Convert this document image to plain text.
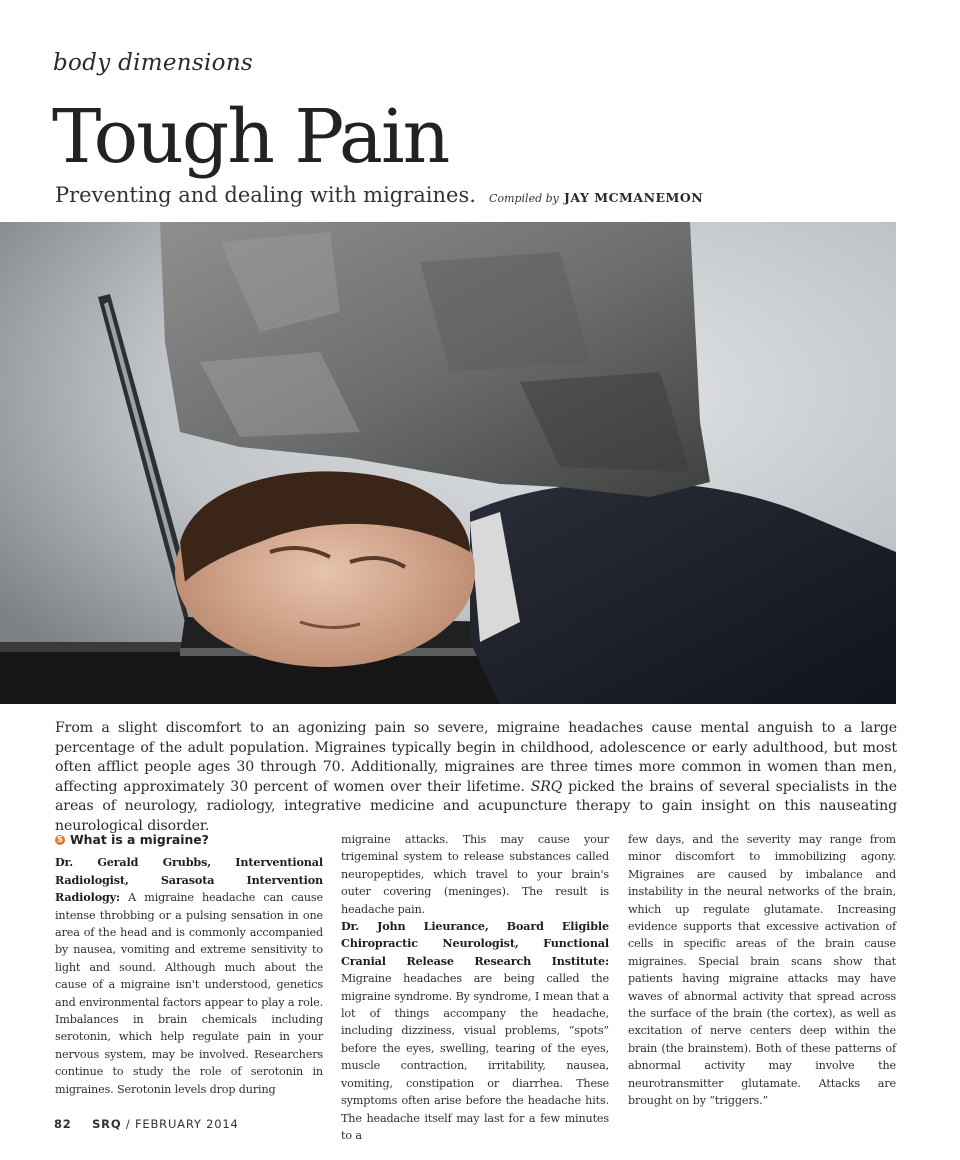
body dimensions
Tough Pain
Preventing and dealing with migraines. Compiled by JAY MCMANEMON
From a slight discomfort to an agonizing pain so severe, migraine headaches cause mental anguish to a large percentage of the adult population. Migraines typically begin in childhood, adolescence or early adulthood, but most often afflict people ages 30 through 70. Additionally, migraines are three times more common in women than men, affecting approximately 30 percent of women over their lifetime. SRQ picked the brains of several specialists in the areas of neurology, radiology, integrative medicine and acupuncture therapy to gain insight on this nauseating neurological disorder.
S What is a migraine?

Dr. Gerald Grubbs, Interventional Radiologist, Sarasota Intervention Radiology: A migraine headache can cause intense throbbing or a pulsing sensation in one area of the head and is commonly accompanied by nausea, vomiting and extreme sensitivity to light and sound. Although much about the cause of a migraine isn't understood, genetics and environmental factors appear to play a role. Imbalances in brain chemicals including serotonin, which help regulate pain in your nervous system, may be involved. Researchers continue to study the role of serotonin in migraines. Serotonin levels drop during

migraine attacks. This may cause your trigeminal system to release substances called neuropeptides, which travel to your brain's outer covering (meninges). The result is headache pain.

Dr. John Lieurance, Board Eligible Chiropractic Neurologist, Functional Cranial Release Research Institute: Migraine headaches are being called the migraine syndrome. By syndrome, I mean that a lot of things accompany the headache, including dizziness, visual problems, “spots” before the eyes, swelling, tearing of the eyes, muscle contraction, irritability, nausea, vomiting, constipation or diarrhea. These symptoms often arise before the headache hits. The headache itself may last for a few minutes to a

few days, and the severity may range from minor discomfort to immobilizing agony. Migraines are caused by imbalance and instability in the neural networks of the brain, which up regulate glutamate. Increasing evidence supports that excessive activation of cells in specific areas of the brain cause migraines. Special brain scans show that patients having migraine attacks may have waves of abnormal activity that spread across the surface of the brain (the cortex), as well as excitation of nerve centers deep within the brain (the brainstem). Both of these patterns of abnormal activity may involve the neurotransmitter glutamate. Attacks are brought on by “triggers.”

82 SRQ / FEBRUARY 2014
